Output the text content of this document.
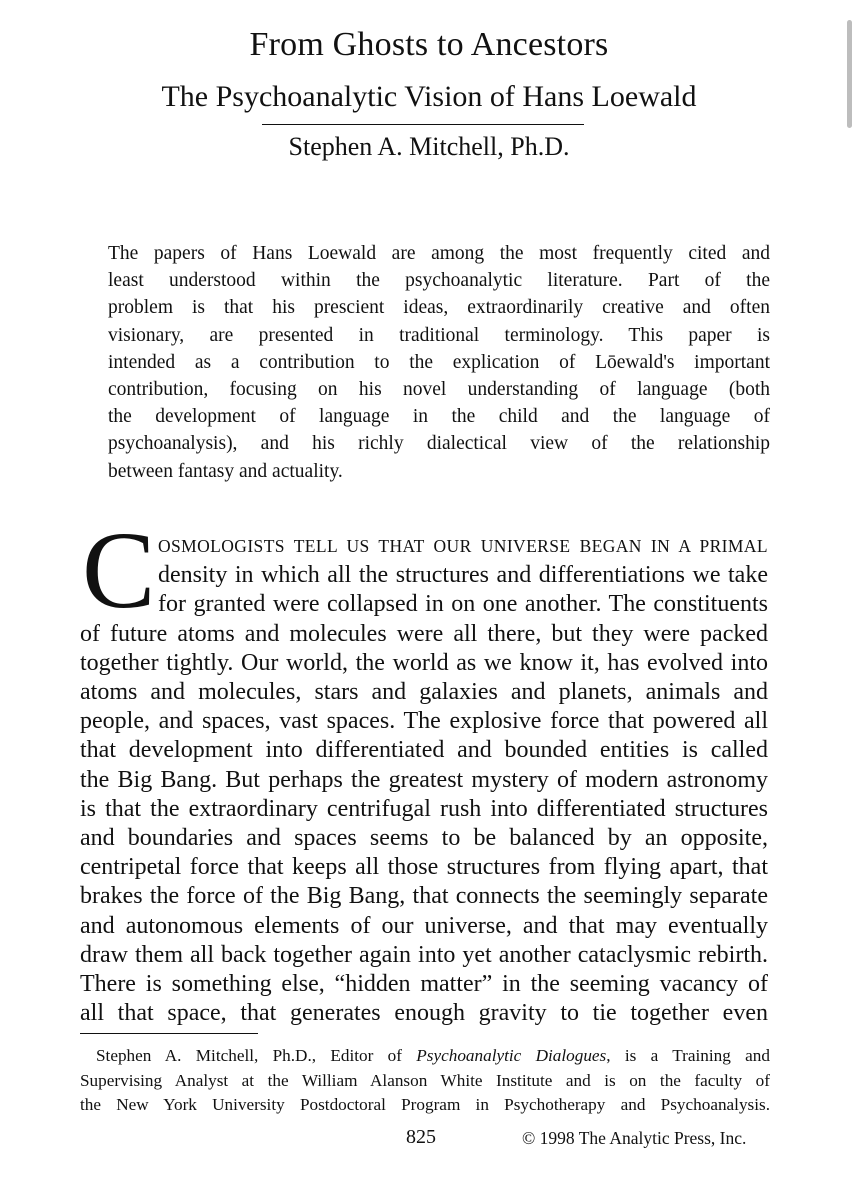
From Ghosts to Ancestors
The Psychoanalytic Vision of Hans Loewald
Stephen A. Mitchell, Ph.D.
The papers of Hans Loewald are among the most frequently cited and
least understood within the psychoanalytic literature. Part of the
problem is that his prescient ideas, extraordinarily creative and often
visionary, are presented in traditional terminology. This paper is
intended as a contribution to the explication of Lōewald's important
contribution, focusing on his novel understanding of language (both
the development of language in the child and the language of
psychoanalysis), and his richly dialectical view of the relationship
between fantasy and actuality.
C OSMOLOGISTS TELL US THAT OUR UNIVERSE BEGAN IN A PRIMAL
density in which all the structures and differentiations we take
for granted were collapsed in on one another. The constituents
of future atoms and molecules were all there, but they were packed
together tightly. Our world, the world as we know it, has evolved into
atoms and molecules, stars and galaxies and planets, animals and
people, and spaces, vast spaces. The explosive force that powered all
that development into differentiated and bounded entities is called
the Big Bang. But perhaps the greatest mystery of modern astronomy
is that the extraordinary centrifugal rush into differentiated structures
and boundaries and spaces seems to be balanced by an opposite,
centripetal force that keeps all those structures from flying apart, that
brakes the force of the Big Bang, that connects the seemingly separate
and autonomous elements of our universe, and that may eventually
draw them all back together again into yet another cataclysmic rebirth.
There is something else, “hidden matter” in the seeming vacancy of
all that space, that generates enough gravity to tie together even
Stephen A. Mitchell, Ph.D., Editor of Psychoanalytic Dialogues, is a Training and
Supervising Analyst at the William Alanson White Institute and is on the faculty of
the New York University Postdoctoral Program in Psychotherapy and Psychoanalysis.
825	© 1998 The Analytic Press, Inc.
